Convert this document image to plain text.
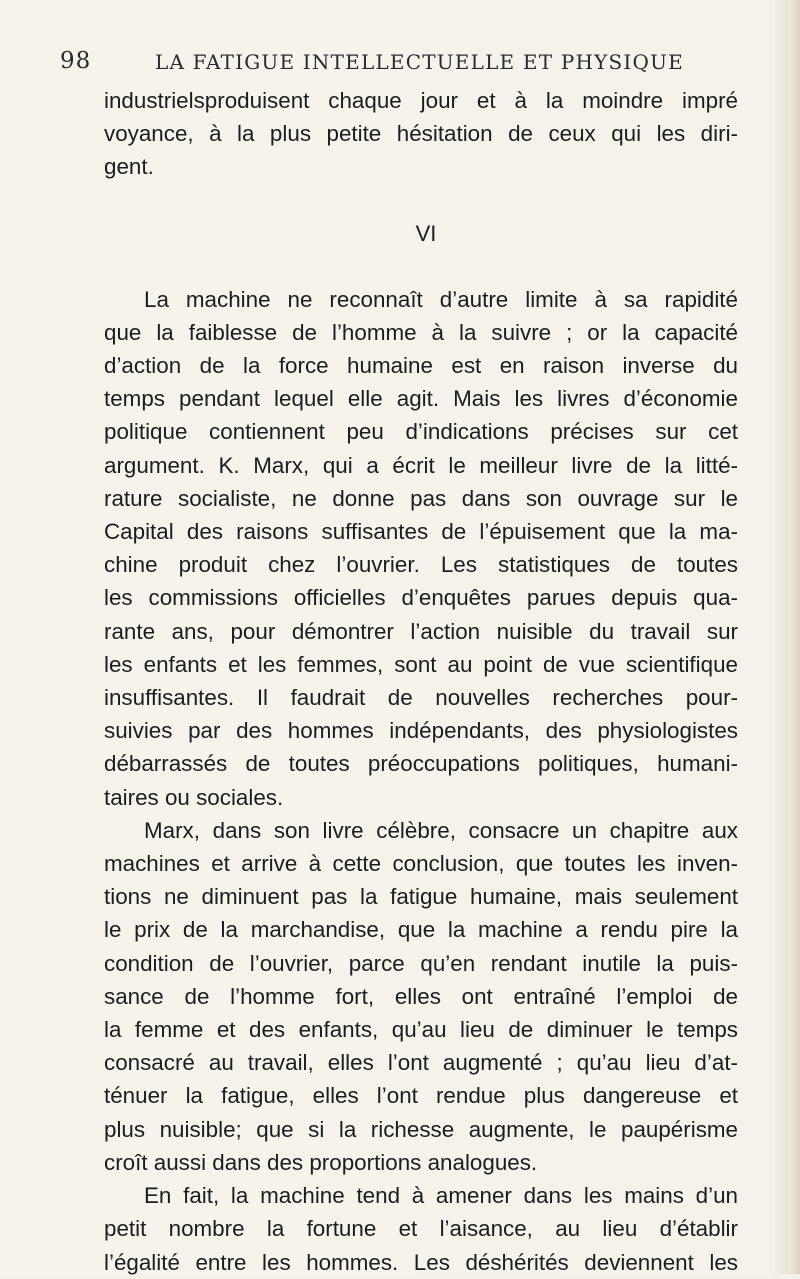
98	LA FATIGUE INTELLECTUELLE ET PHYSIQUE
industrielsproduisent chaque jour et à la moindre impré
voyance, à la plus petite hésitation de ceux qui les diri-
gent.
VI
La machine ne reconnaît d’autre limite à sa rapidité
que la faiblesse de l’homme à la suivre ; or la capacité
d’action de la force humaine est en raison inverse du
temps pendant lequel elle agit. Mais les livres d’économie
politique contiennent peu d’indications précises sur cet
argument. K. Marx, qui a écrit le meilleur livre de la litté-
rature socialiste, ne donne pas dans son ouvrage sur le
Capital des raisons suffisantes de l’épuisement que la ma-
chine produit chez l’ouvrier. Les statistiques de toutes
les commissions officielles d’enquêtes parues depuis qua-
rante ans, pour démontrer l’action nuisible du travail sur
les enfants et les femmes, sont au point de vue scientifique
insuffisantes. Il faudrait de nouvelles recherches pour-
suivies par des hommes indépendants, des physiologistes
débarrassés de toutes préoccupations politiques, humani-
taires ou sociales.
Marx, dans son livre célèbre, consacre un chapitre aux
machines et arrive à cette conclusion, que toutes les inven-
tions ne diminuent pas la fatigue humaine, mais seulement
le prix de la marchandise, que la machine a rendu pire la
condition de l’ouvrier, parce qu’en rendant inutile la puis-
sance de l’homme fort, elles ont entraîné l’emploi de
la femme et des enfants, qu’au lieu de diminuer le temps
consacré au travail, elles l’ont augmenté ; qu’au lieu d’at-
ténuer la fatigue, elles l’ont rendue plus dangereuse et
plus nuisible; que si la richesse augmente, le paupérisme
croît aussi dans des proportions analogues.
En fait, la machine tend à amener dans les mains d’un
petit nombre la fortune et l’aisance, au lieu d’établir
l’égalité entre les hommes. Les déshérités deviennent les
